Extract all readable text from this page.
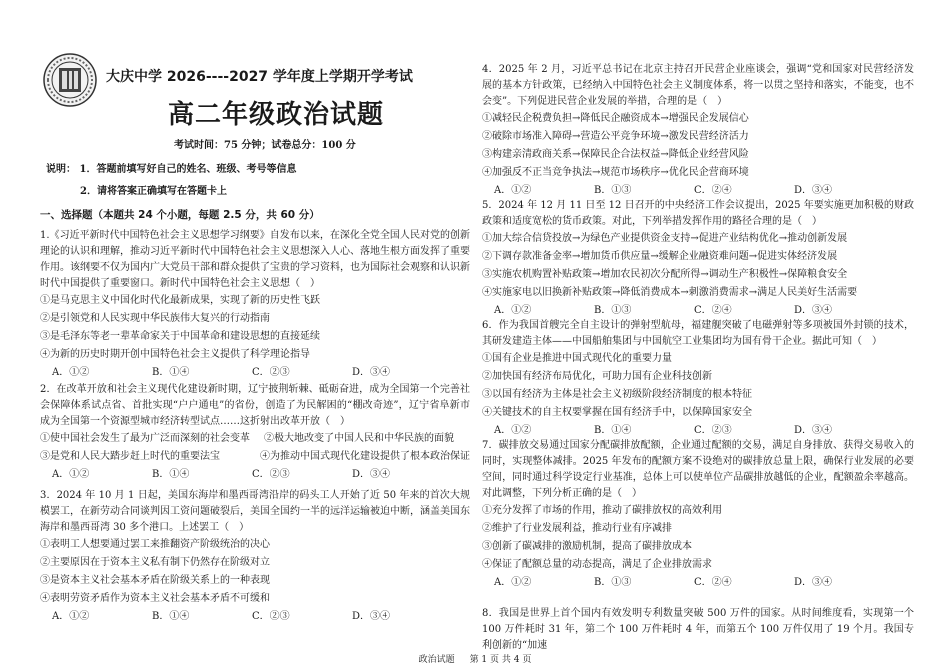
大庆中学 2026----2027 学年度上学期开学考试
高二年级政治试题
考试时间：75 分钟；试卷总分：100 分
说明： 1．答题前填写好自己的姓名、班级、考号等信息
2．请将答案正确填写在答题卡上
一、选择题（本题共 24 个小题，每题 2.5 分，共 60 分）

1.《习近平新时代中国特色社会主义思想学习纲要》自发布以来，在深化全党全国人民对党的创新理论的认识和理解，推动习近平新时代中国特色社会主义思想深入人心、落地生根方面发挥了重要作用。该纲要不仅为国内广大党员干部和群众提供了宝贵的学习资料，也为国际社会观察和认识新时代中国提供了重要窗口。新时代中国特色社会主义思想（　）

①是马克思主义中国化时代化最新成果，实现了新的历史性飞跃
②是引领党和人民实现中华民族伟大复兴的行动指南
③是毛泽东等老一辈革命家关于中国革命和建设思想的直接延续
④为新的历史时期开创中国特色社会主义提供了科学理论指导
A．①②	B．①④	C．②③	D．③④

2．在改革开放和社会主义现代化建设新时期，辽宁披荆斩棘、砥砺奋进，成为全国第一个完善社会保障体系试点省、首批实现“户户通电”的省份，创造了为民解困的“棚改奇迹”，辽宁省阜新市成为全国第一个资源型城市经济转型试点……这折射出改革开放（　）

①使中国社会发生了最为广泛而深刻的社会变革	②极大地改变了中国人民和中华民族的面貌
③是党和人民大踏步赶上时代的重要法宝	④为推动中国式现代化建设提供了根本政治保证
A．①②	B．①④	C．②③	D．③④

3．2024 年 10 月 1 日起，美国东海岸和墨西哥湾沿岸的码头工人开始了近 50 年来的首次大规模罢工，在新劳动合同谈判因工资问题破裂后，美国全国约一半的远洋运输被迫中断，涵盖美国东海岸和墨西哥湾 30 多个港口。上述罢工（　）

①表明工人想要通过罢工来推翻资产阶级统治的决心
②主要原因在于资本主义私有制下仍然存在阶级对立
③是资本主义社会基本矛盾在阶级关系上的一种表现
④表明劳资矛盾作为资本主义社会基本矛盾不可缓和
A．①②	B．①④	C．②③	D．③④

4．2025 年 2 月，习近平总书记在北京主持召开民营企业座谈会，强调“党和国家对民营经济发展的基本方针政策，已经纳入中国特色社会主义制度体系，将一以贯之坚持和落实，不能变，也不会变”。下列促进民营企业发展的举措，合理的是（　）

①减轻民企税费负担→降低民企融资成本→增强民企发展信心
②破除市场准入障碍→营造公平竞争环境→激发民营经济活力
③构建亲清政商关系→保障民企合法权益→降低企业经营风险
④加强反不正当竞争执法→规范市场秩序→优化民企营商环境
A．①②	B．①③	C．②④	D．③④

5．2024 年 12 月 11 日至 12 日召开的中央经济工作会议提出，2025 年要实施更加积极的财政政策和适度宽松的货币政策。对此，下列举措发挥作用的路径合理的是（　）

①加大综合信贷投放→为绿色产业提供资金支持→促进产业结构优化→推动创新发展
②下调存款准备金率→增加货币供应量→缓解企业融资难问题→促进实体经济发展
③实施农机购置补贴政策→增加农民初次分配所得→调动生产积极性→保障粮食安全
④实施家电以旧换新补贴政策→降低消费成本→刺激消费需求→满足人民美好生活需要
A．①②	B．①③	C．②④	D．③④

6．作为我国首艘完全自主设计的弹射型航母，福建舰突破了电磁弹射等多项被国外封锁的技术，其研发建造主体——中国船舶集团与中国航空工业集团均为国有骨干企业。据此可知（　）

①国有企业是推进中国式现代化的重要力量
②加快国有经济布局优化，可助力国有企业科技创新
③以国有经济为主体是社会主义初级阶段经济制度的根本特征
④关键技术的自主权要掌握在国有经济手中，以保障国家安全
A．①②	B．①④	C．②③	D．③④

7．碳排放交易通过国家分配碳排放配额，企业通过配额的交易，满足自身排放、获得交易收入的同时，实现整体减排。2025 年发布的配额方案不设绝对的碳排放总量上限，确保行业发展的必要空间，同时通过科学设定行业基准，总体上可以使单位产品碳排放越低的企业，配额盈余率越高。对此调整，下列分析正确的是（　）

①充分发挥了市场的作用，推动了碳排放权的高效利用
②维护了行业发展利益，推动行业有序减排
③创新了碳减排的激励机制，提高了碳排放成本
④保证了配额总量的动态提高，满足了企业排放需求
A．①②	B．①③	C．②④	D．③④

8．我国是世界上首个国内有效发明专利数量突破 500 万件的国家。从时间维度看，实现第一个 100 万件耗时 31 年，第二个 100 万件耗时 4 年，而第五个 100 万件仅用了 19 个月。我国专利创新的“加速

政治试题 第 1 页 共 4 页
